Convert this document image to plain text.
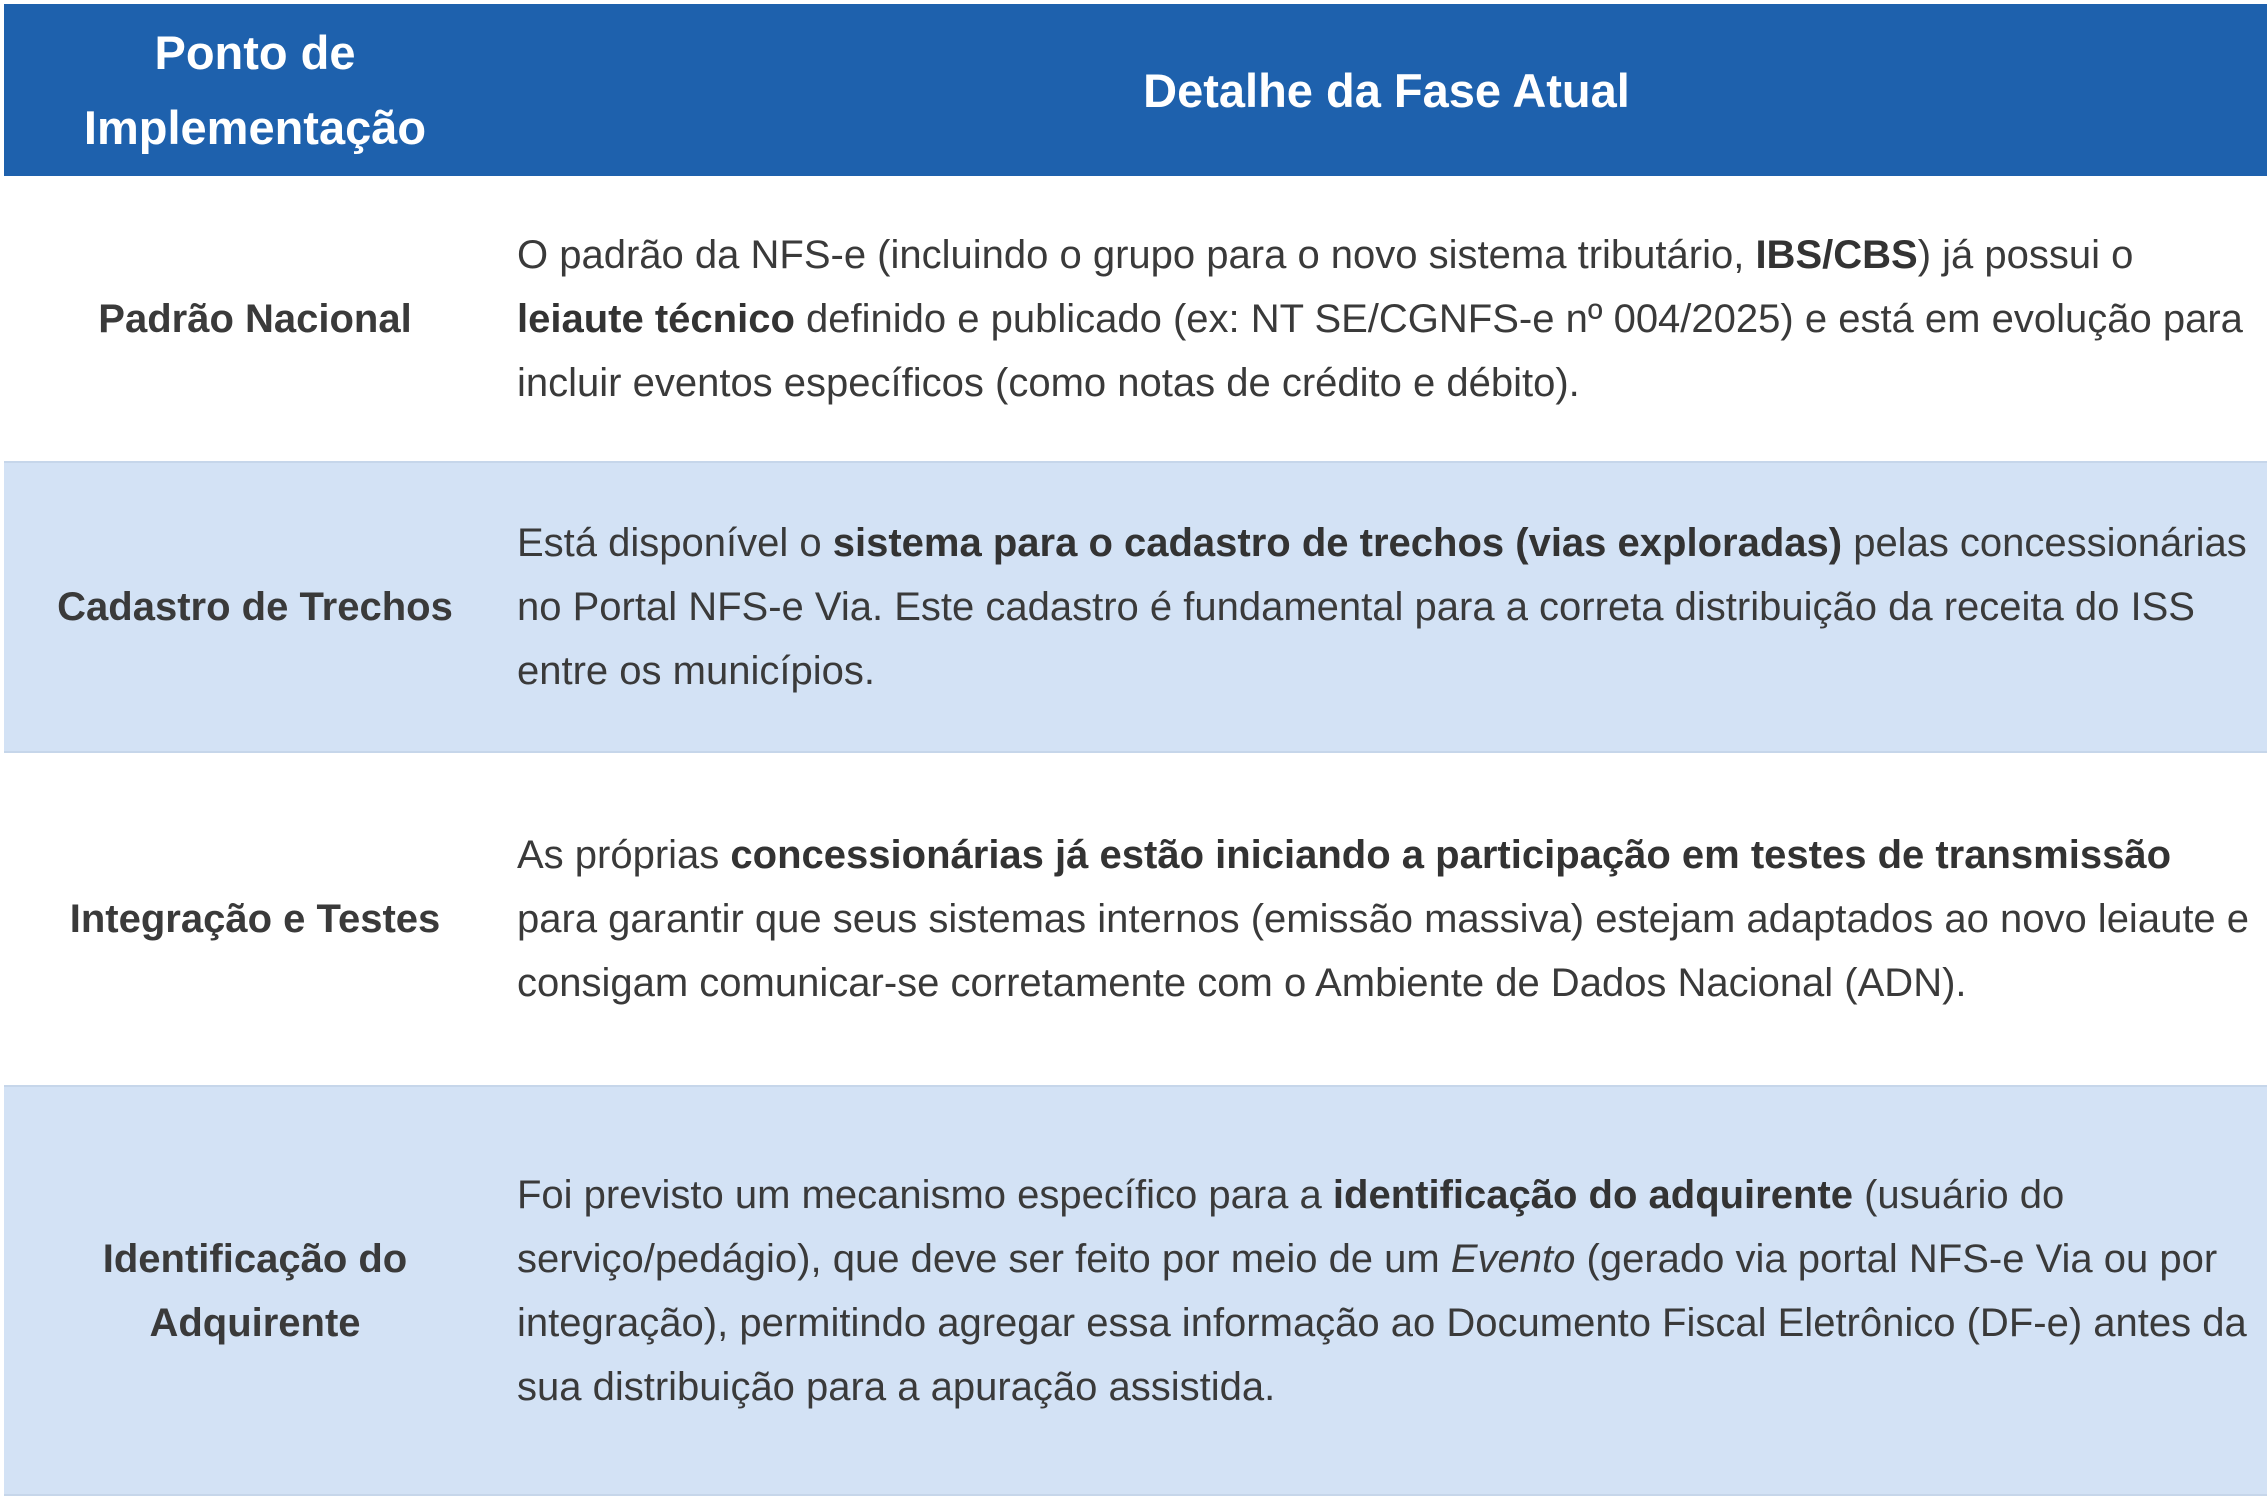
Ponto de Implementação
Detalhe da Fase Atual
Padrão Nacional

O padrão da NFS-e (incluindo o grupo para o novo sistema tributário, IBS/CBS) já possui o leiaute técnico definido e publicado (ex: NT SE/CGNFS-e nº 004/2025) e está em evolução para incluir eventos específicos (como notas de crédito e débito).

Cadastro de Trechos

Está disponível o sistema para o cadastro de trechos (vias exploradas) pelas concessionárias no Portal NFS-e Via. Este cadastro é fundamental para a correta distribuição da receita do ISS entre os municípios.

Integração e Testes

As próprias concessionárias já estão iniciando a participação em testes de transmissão para garantir que seus sistemas internos (emissão massiva) estejam adaptados ao novo leiaute e consigam comunicar-se corretamente com o Ambiente de Dados Nacional (ADN).

Identificação do Adquirente

Foi previsto um mecanismo específico para a identificação do adquirente (usuário do serviço/pedágio), que deve ser feito por meio de um Evento (gerado via portal NFS-e Via ou por integração), permitindo agregar essa informação ao Documento Fiscal Eletrônico (DF-e) antes da sua distribuição para a apuração assistida.
